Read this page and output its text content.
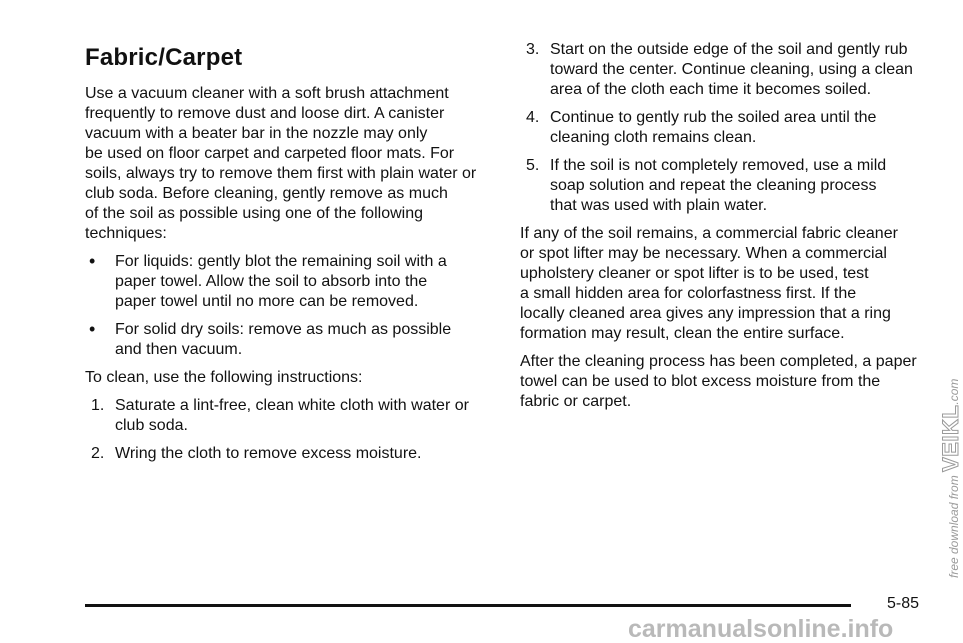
Fabric/Carpet
Use a vacuum cleaner with a soft brush attachment
frequently to remove dust and loose dirt. A canister
vacuum with a beater bar in the nozzle may only
be used on floor carpet and carpeted floor mats. For
soils, always try to remove them first with plain water or
club soda. Before cleaning, gently remove as much
of the soil as possible using one of the following
techniques:
• For liquids: gently blot the remaining soil with a
paper towel. Allow the soil to absorb into the
paper towel until no more can be removed.
• For solid dry soils: remove as much as possible
and then vacuum.
To clean, use the following instructions:
1. Saturate a lint-free, clean white cloth with water or
club soda.
2. Wring the cloth to remove excess moisture.
3. Start on the outside edge of the soil and gently rub
toward the center. Continue cleaning, using a clean
area of the cloth each time it becomes soiled.
4. Continue to gently rub the soiled area until the
cleaning cloth remains clean.
5. If the soil is not completely removed, use a mild
soap solution and repeat the cleaning process
that was used with plain water.
If any of the soil remains, a commercial fabric cleaner
or spot lifter may be necessary. When a commercial
upholstery cleaner or spot lifter is to be used, test
a small hidden area for colorfastness first. If the
locally cleaned area gives any impression that a ring
formation may result, clean the entire surface.
After the cleaning process has been completed, a paper
towel can be used to blot excess moisture from the
fabric or carpet.
5-85
carmanualsonline.info
free download from VEIKL.com
